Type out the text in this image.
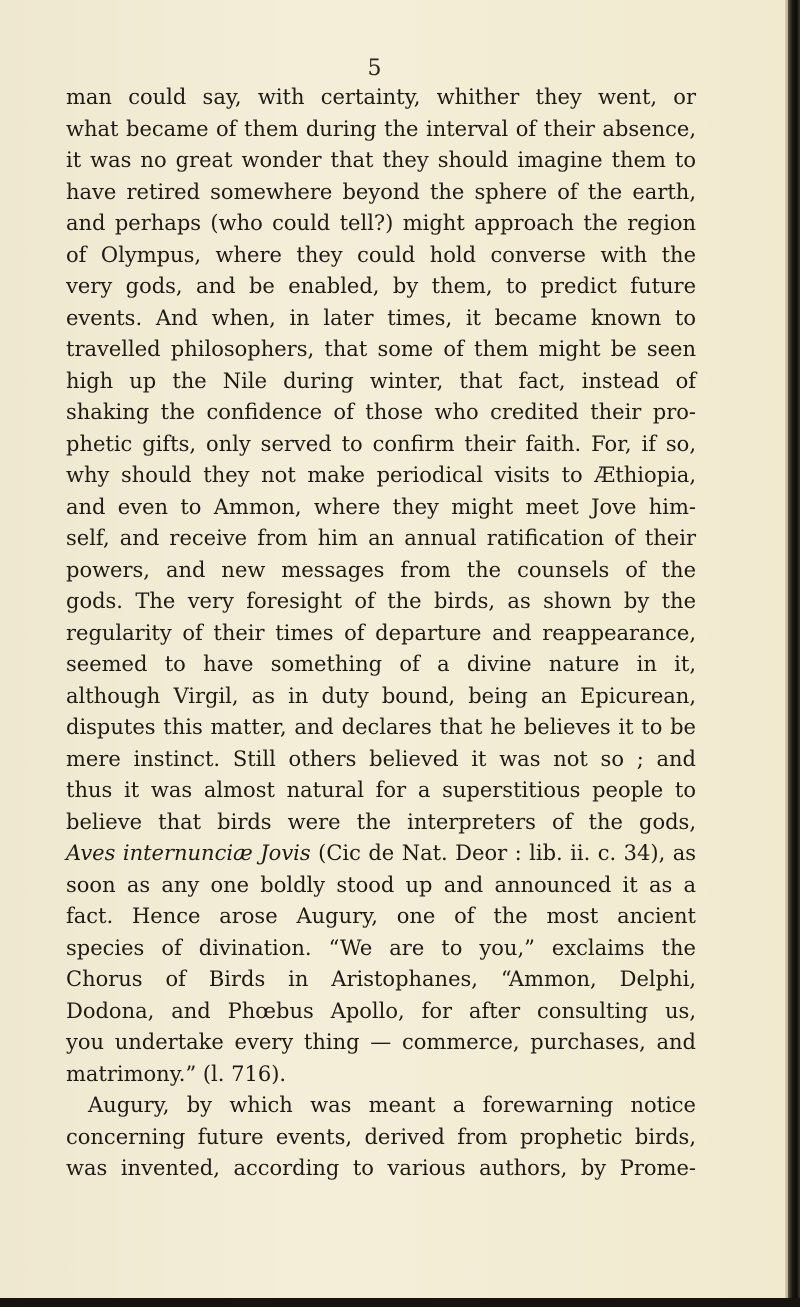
5
man could say, with certainty, whither they went, or
what became of them during the interval of their absence,
it was no great wonder that they should imagine them to
have retired somewhere beyond the sphere of the earth,
and perhaps (who could tell?) might approach the region
of Olympus, where they could hold converse with the
very gods, and be enabled, by them, to predict future
events. And when, in later times, it became known to
travelled philosophers, that some of them might be seen
high up the Nile during winter, that fact, instead of
shaking the confidence of those who credited their pro-
phetic gifts, only served to confirm their faith. For, if so,
why should they not make periodical visits to Æthiopia,
and even to Ammon, where they might meet Jove him-
self, and receive from him an annual ratification of their
powers, and new messages from the counsels of the
gods. The very foresight of the birds, as shown by the
regularity of their times of departure and reappearance,
seemed to have something of a divine nature in it,
although Virgil, as in duty bound, being an Epicurean,
disputes this matter, and declares that he believes it to be
mere instinct. Still others believed it was not so ; and
thus it was almost natural for a superstitious people to
believe that birds were the interpreters of the gods,
Aves internunciæ Jovis (Cic de Nat. Deor : lib. ii. c. 34), as
soon as any one boldly stood up and announced it as a
fact. Hence arose Augury, one of the most ancient
species of divination. “We are to you,” exclaims the
Chorus of Birds in Aristophanes, “Ammon, Delphi,
Dodona, and Phœbus Apollo, for after consulting us,
you undertake every thing — commerce, purchases, and
matrimony.” (l. 716).
Augury, by which was meant a forewarning notice
concerning future events, derived from prophetic birds,
was invented, according to various authors, by Prome-
